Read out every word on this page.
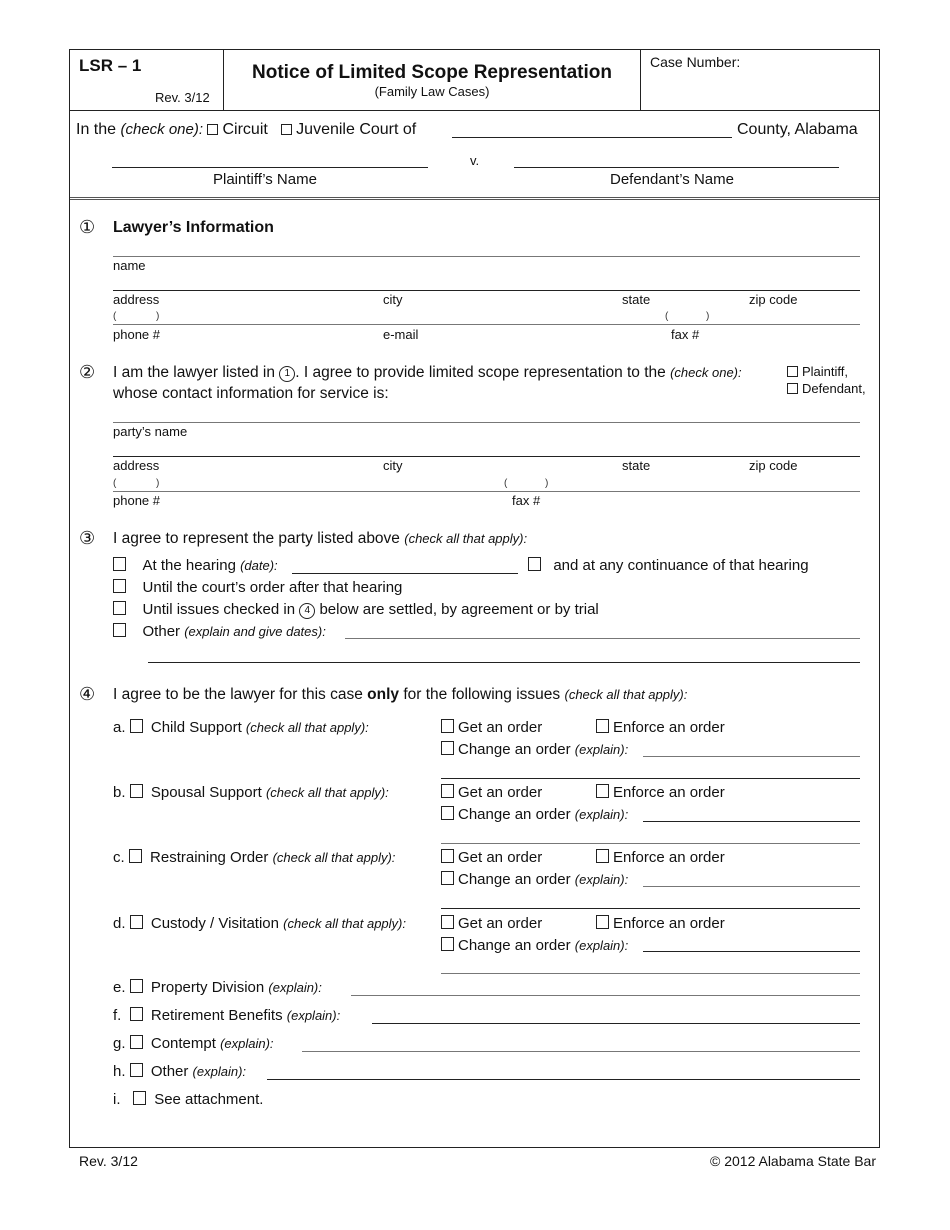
LSR – 1
Rev. 3/12
Notice of Limited Scope Representation
(Family Law Cases)
Case Number:
In the (check one): Circuit Juvenile Court of	County, Alabama
v.
Plaintiff’s Name	Defendant’s Name
① Lawyer’s Information
name
address	city	state	zip code
(	)	(	)
phone #	e-mail	fax #
② I am the lawyer listed in 1 . I agree to provide limited scope representation to the (check one):	Plaintiff,
Defendant,
whose contact information for service is:
party’s name
address	city	state	zip code
(	)	(	)
phone #	fax #
③ I agree to represent the party listed above (check all that apply):
At the hearing (date):	and at any continuance of that hearing
Until the court’s order after that hearing
Until issues checked in 4 below are settled, by agreement or by trial
Other (explain and give dates):
④ I agree to be the lawyer for this case only for the following issues (check all that apply):
a. Child Support (check all that apply):	Get an order	Enforce an order
Change an order (explain):
b. Spousal Support (check all that apply):	Get an order	Enforce an order
Change an order (explain):
c. Restraining Order (check all that apply):	Get an order	Enforce an order
Change an order (explain):
d. Custody / Visitation (check all that apply):	Get an order	Enforce an order
Change an order (explain):
e. Property Division (explain):
f. Retirement Benefits (explain):
g. Contempt (explain):
h. Other (explain):
i. See attachment.
Rev. 3/12	© 2012 Alabama State Bar
